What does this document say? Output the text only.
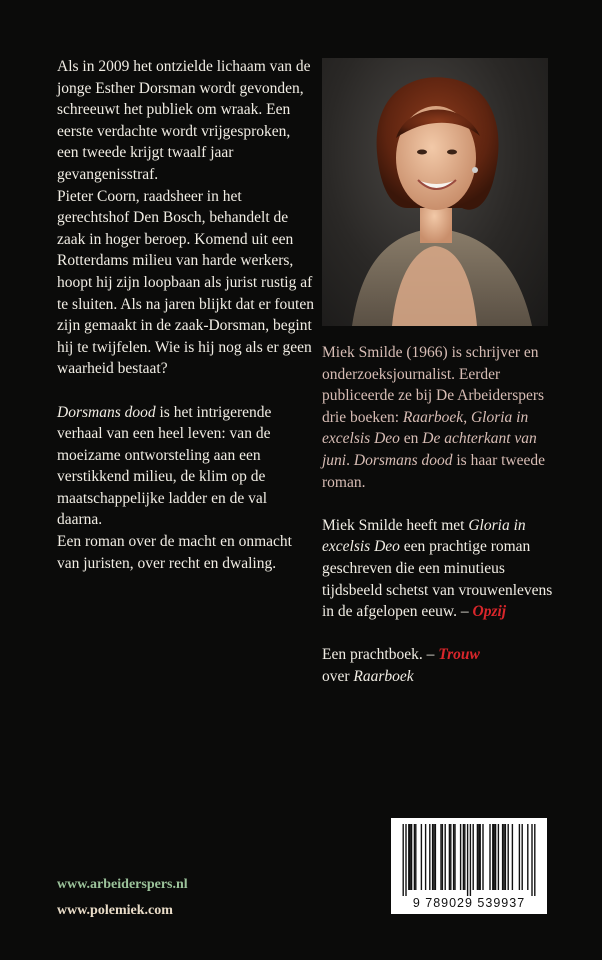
Als in 2009 het ontzielde lichaam van de jonge Esther Dorsman wordt gevonden, schreeuwt het publiek om wraak. Een eerste verdachte wordt vrijgesproken, een tweede krijgt twaalf jaar gevangenisstraf.

Pieter Coorn, raadsheer in het gerechtshof Den Bosch, behandelt de zaak in hoger beroep. Komend uit een Rotterdams milieu van harde werkers, hoopt hij zijn loopbaan als jurist rustig af te sluiten. Als na jaren blijkt dat er fouten zijn gemaakt in de zaak-Dorsman, begint hij te twijfelen. Wie is hij nog als er geen waarheid bestaat?

Dorsmans dood is het intrigerende verhaal van een heel leven: van de moeizame ontworsteling aan een verstikkend milieu, de klim op de maatschappelijke ladder en de val daarna.

Een roman over de macht en onmacht van juristen, over recht en dwaling.

Miek Smilde (1966) is schrijver en onderzoeksjournalist. Eerder publiceerde ze bij De Arbeiderspers drie boeken: Raarboek, Gloria in excelsis Deo en De achterkant van juni. Dorsmans dood is haar tweede roman.

Miek Smilde heeft met Gloria in excelsis Deo een prachtige roman geschreven die een minutieus tijdsbeeld schetst van vrouwenlevens in de afgelopen eeuw. – Opzij

Een prachtboek. – Trouw
over Raarboek

www.arbeiderspers.nl
www.polemiek.com	9 789029 539937
